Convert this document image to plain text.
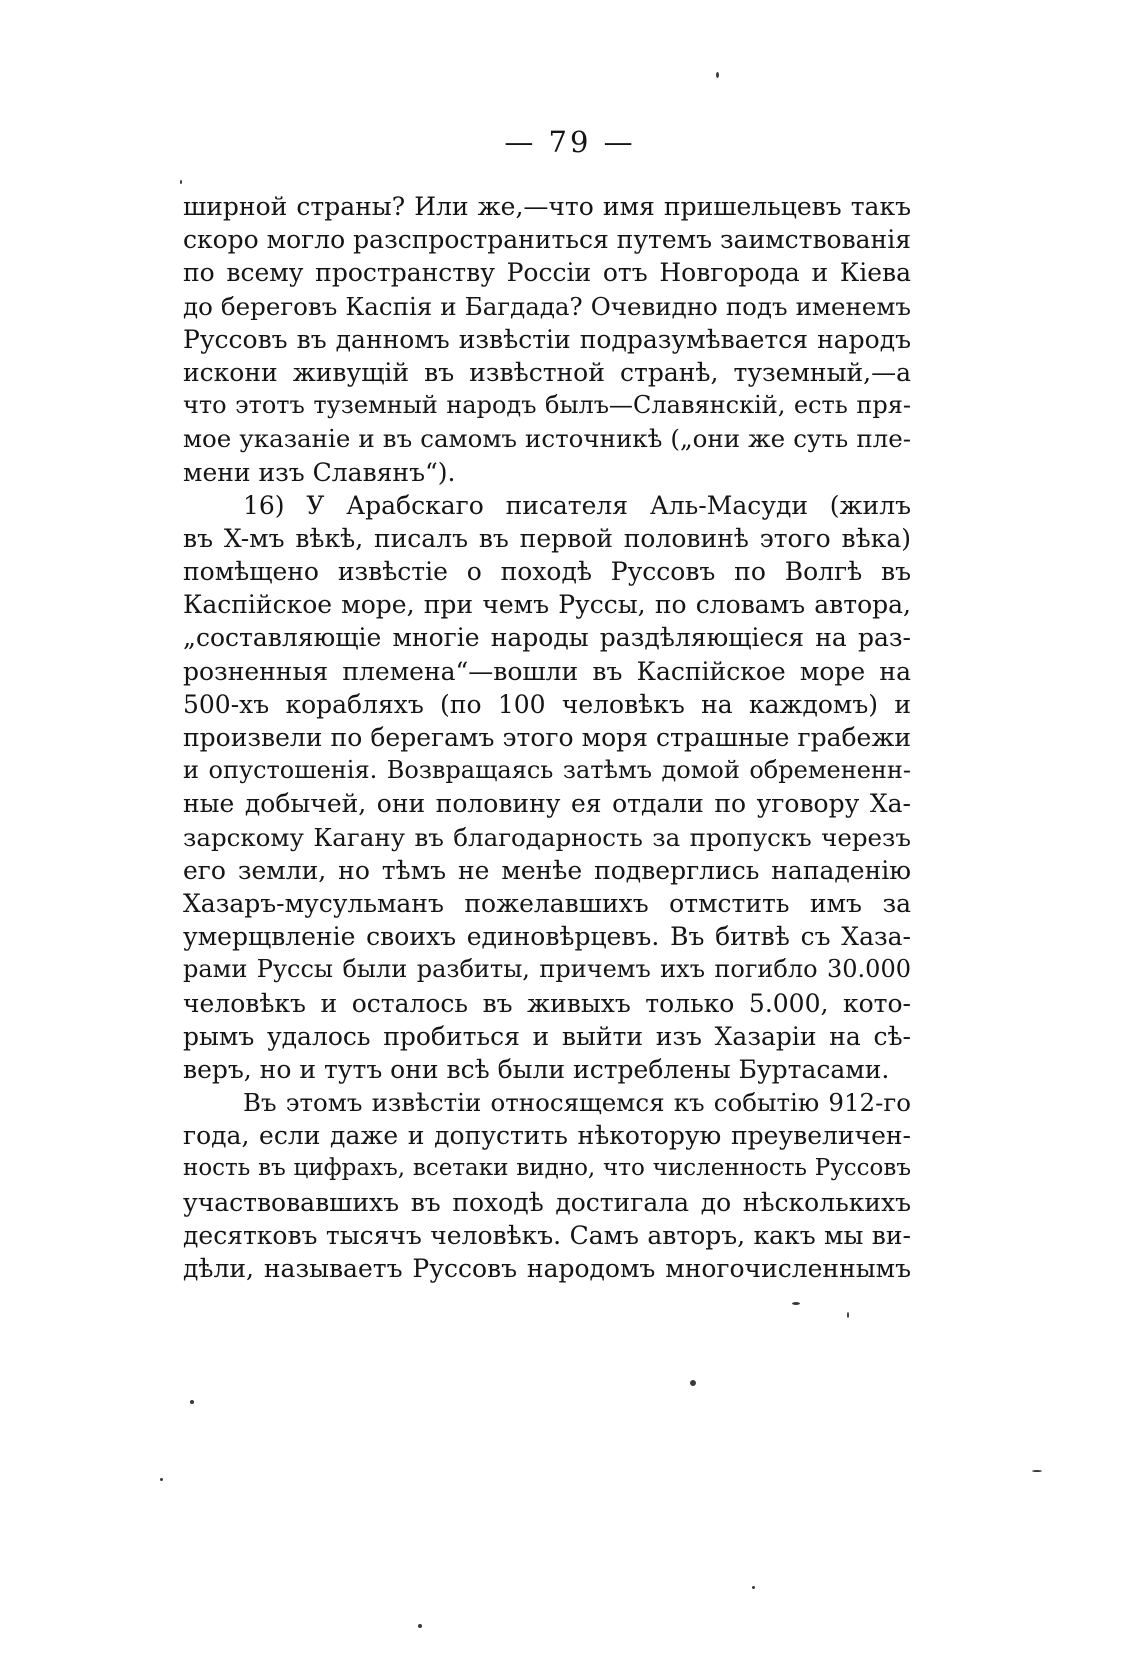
— 79 —
ширной страны? Или же,—что имя пришельцевъ такъ
скоро могло разспространиться путемъ заимствованія
по всему пространству Россіи отъ Новгорода и Кіева
до береговъ Каспія и Багдада? Очевидно подъ именемъ
Руссовъ въ данномъ извѣстіи подразумѣвается народъ
искони живущій въ извѣстной странѣ, туземный,—а
что этотъ туземный народъ былъ—Славянскій, есть пря-
мое указаніе и въ самомъ источникѣ („они же суть пле-
мени изъ Славянъ“).
16) У Арабскаго писателя Аль-Масуди (жилъ
въ X-мъ вѣкѣ, писалъ въ первой половинѣ этого вѣка)
помѣщено извѣстіе о походѣ Руссовъ по Волгѣ въ
Каспійское море, при чемъ Руссы, по словамъ автора,
„составляющіе многіе народы раздѣляющіеся на раз-
розненныя племена“—вошли въ Каспійское море на
500-хъ корабляхъ (по 100 человѣкъ на каждомъ) и
произвели по берегамъ этого моря страшные грабежи
и опустошенія. Возвращаясь затѣмъ домой обремененн-
ные добычей, они половину ея отдали по уговору Ха-
зарскому Кагану въ благодарность за пропускъ черезъ
его земли, но тѣмъ не менѣе подверглись нападенію
Хазаръ-мусульманъ пожелавшихъ отмстить имъ за
умерщвленіе своихъ единовѣрцевъ. Въ битвѣ съ Хаза-
рами Руссы были разбиты, причемъ ихъ погибло 30.000
человѣкъ и осталось въ живыхъ только 5.000, кото-
рымъ удалось пробиться и выйти изъ Хазаріи на сѣ-
веръ, но и тутъ они всѣ были истреблены Буртасами.
Въ этомъ извѣстіи относящемся къ событію 912-го
года, если даже и допустить нѣкоторую преувеличен-
ность въ цифрахъ, всетаки видно, что численность Руссовъ
участвовавшихъ въ походѣ достигала до нѣсколькихъ
десятковъ тысячъ человѣкъ. Самъ авторъ, какъ мы ви-
дѣли, называетъ Руссовъ народомъ многочисленнымъ
